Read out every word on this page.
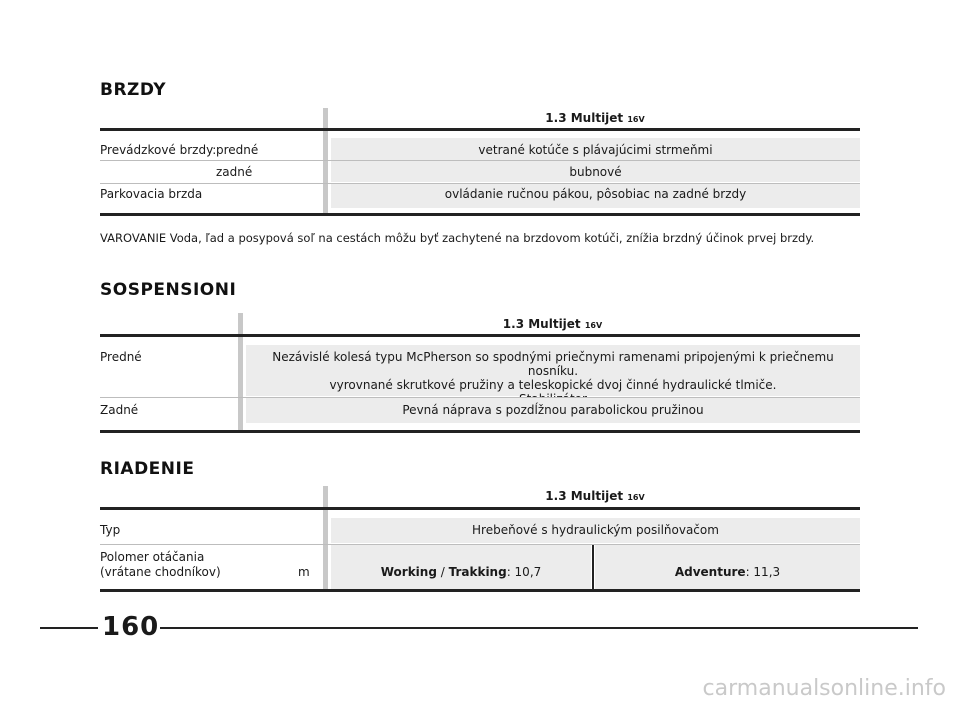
BRZDY
1.3 Multijet 16V
Prevádzkové brzdy: predné	vetrané kotúče s plávajúcimi strmeňmi
zadné	bubnové
Parkovacia brzda	ovládanie ručnou pákou, pôsobiac na zadné brzdy
VAROVANIE Voda, ľad a posypová soľ na cestách môžu byť zachytené na brzdovom kotúči, znížia brzdný účinok prvej brzdy.
SOSPENSIONI
1.3 Multijet 16V
Predné	Nezávislé kolesá typu McPherson so spodnými priečnymi ramenami pripojenými k priečnemu nosníku.
vyrovnané skrutkové pružiny a teleskopické dvoj činné hydraulické tlmiče.
Zadné	Pevná náprava s pozdĺžnou parabolickou pružinou
RIADENIE
1.3 Multijet 16V
Typ	Hrebeňové s hydraulickým posilňovačom
Polomer otáčania
(vrátane chodníkov)	m	Working / Trakking: 10,7	Adventure: 11,3
160
carmanualsonline.info
